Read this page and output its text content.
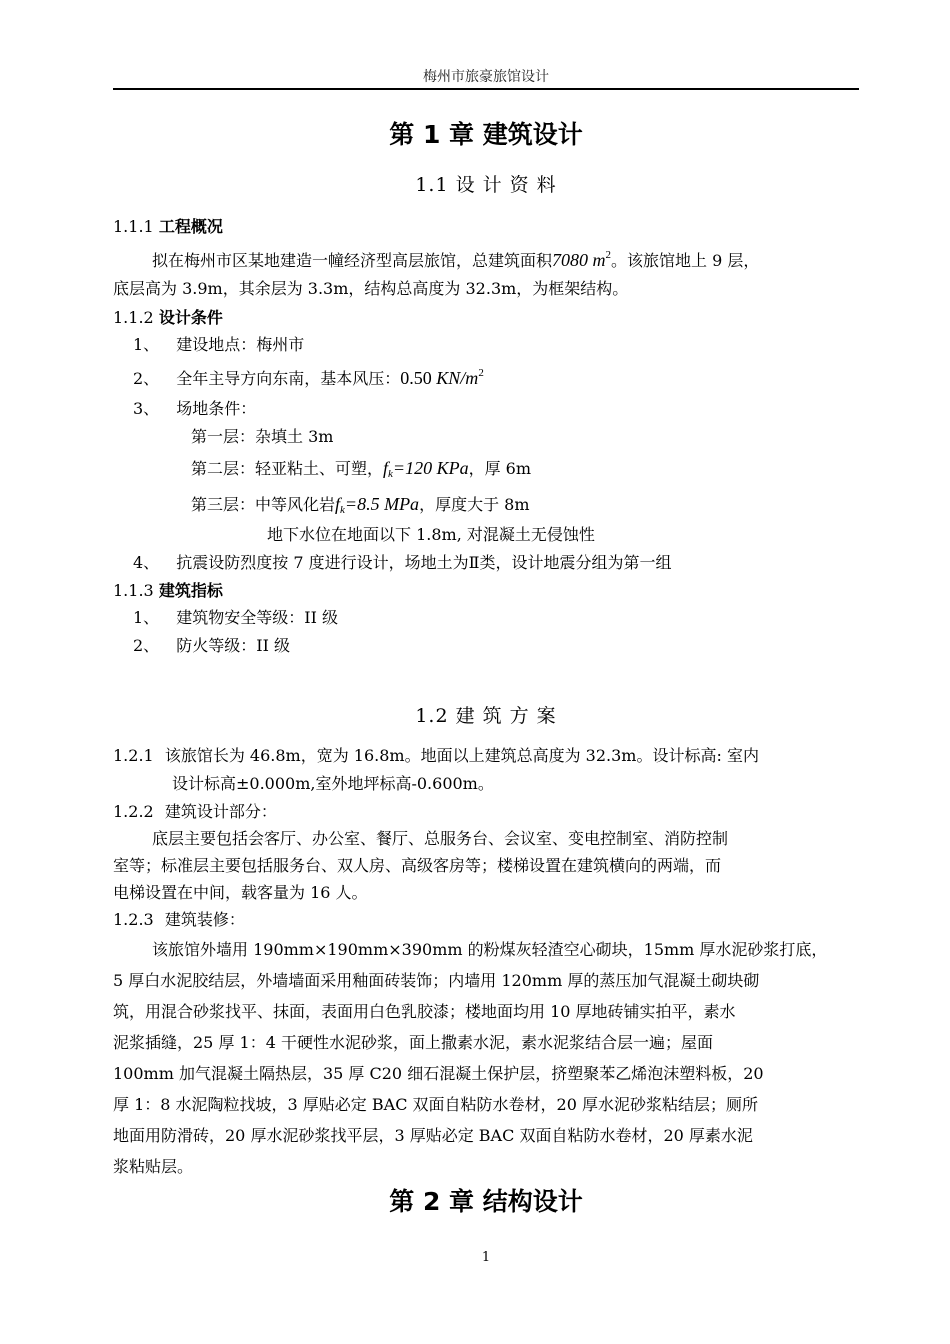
梅州市旅豪旅馆设计
第 1 章 建筑设计
1.1 设 计 资 料
1.1.1 工程概况
拟在梅州市区某地建造一幢经济型高层旅馆，总建筑面积7080 $m^2$。该旅馆地上 9 层，
底层高为 3.9m，其余层为 3.3m，结构总高度为 32.3m，为框架结构。
1.1.2 设计条件
1、 建设地点：梅州市
2、 全年主导方向东南，基本风压：0.50 $KN/m^2$
3、 场地条件：
第一层：杂填土 3m
第二层：轻亚粘土、可塑，$f_k=120$ KPa，厚 6m
第三层：中等风化岩$f_k=8.5$ MPa，厚度大于 8m
地下水位在地面以下 1.8m, 对混凝土无侵蚀性
4、 抗震设防烈度按 7 度进行设计，场地土为Ⅱ类，设计地震分组为第一组
1.1.3 建筑指标
1、 建筑物安全等级：II 级
2、 防火等级：II 级
1.2 建 筑 方 案
1.2.1 该旅馆长为 46.8m，宽为 16.8m。地面以上建筑总高度为 32.3m。设计标高: 室内
设计标高±0.000m,室外地坪标高-0.600m。
1.2.2 建筑设计部分：
底层主要包括会客厅、办公室、餐厅、总服务台、会议室、变电控制室、消防控制
室等；标准层主要包括服务台、双人房、高级客房等；楼梯设置在建筑横向的两端，而
电梯设置在中间，载客量为 16 人。
1.2.3 建筑装修：
该旅馆外墙用 190mm×190mm×390mm 的粉煤灰轻渣空心砌块，15mm 厚水泥砂浆打底，
5 厚白水泥胶结层，外墙墙面采用釉面砖装饰；内墙用 120mm 厚的蒸压加气混凝土砌块砌
筑，用混合砂浆找平、抹面，表面用白色乳胶漆；楼地面均用 10 厚地砖铺实拍平，素水
泥浆插缝，25 厚 1：4 干硬性水泥砂浆，面上撒素水泥，素水泥浆结合层一遍；屋面
100mm 加气混凝土隔热层，35 厚 C20 细石混凝土保护层，挤塑聚苯乙烯泡沫塑料板，20
厚 1：8 水泥陶粒找坡，3 厚贴必定 BAC 双面自粘防水卷材，20 厚水泥砂浆粘结层；厕所
地面用防滑砖，20 厚水泥砂浆找平层，3 厚贴必定 BAC 双面自粘防水卷材，20 厚素水泥
浆粘贴层。
第 2 章 结构设计
1
